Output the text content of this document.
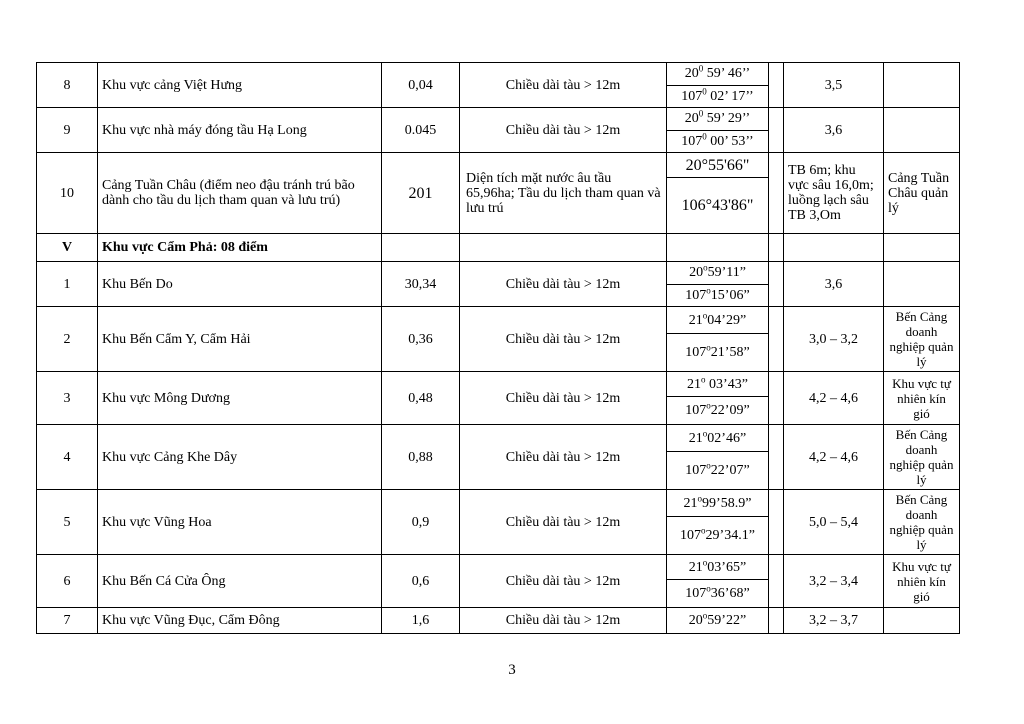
8	Khu vực cảng Việt Hưng	0,04	Chiều dài tàu > 12m	$20^0$ 59’ 46’’		3,5	
				$107^0$ 02’ 17’’			
9	Khu vực nhà máy đóng tầu Hạ Long	0.045	Chiều dài tàu > 12m	$20^0$ 59’ 29’’		3,6	
				$107^0$ 00’ 53’’			
10	Cảng Tuần Châu (điểm neo đậu tránh trú bão dành cho tầu du lịch tham quan và lưu trú)	201	Diện tích mặt nước âu tầu 65,96ha; Tầu du lịch tham quan và lưu trú	20°55'66"		TB 6m; khu vực sâu 16,0m; luồng lạch sâu TB 3,Om	Cảng Tuần Châu quản lý
				106°43'86"			
V	Khu vực Cẩm Phả: 08 điểm						
1	Khu Bến Do	30,34	Chiều dài tàu > 12m	20$^o$59’11”		3,6	
				107$^o$15’06”			
2	Khu Bến Cẩm Y, Cẩm Hải	0,36	Chiều dài tàu > 12m	21$^o$04’29”		3,0 – 3,2	Bến Cảng doanh nghiệp quản lý
				107$^o$21’58”			
3	Khu vực Mông Dương	0,48	Chiều dài tàu > 12m	21$^o$ 03’43”		4,2 – 4,6	Khu vực tự nhiên kín gió
				107$^o$22’09”			
4	Khu vực Cảng Khe Dây	0,88	Chiều dài tàu > 12m	21$^o$02’46”		4,2 – 4,6	Bến Cảng doanh nghiệp quản lý
				107$^o$22’07”			
5	Khu vực Vũng Hoa	0,9	Chiều dài tàu > 12m	21$^o$99’58.9”		5,0 – 5,4	Bến Cảng doanh nghiệp quản lý
				107$^o$29’34.1”			
6	Khu Bến Cá Cửa Ông	0,6	Chiều dài tàu > 12m	21$^o$03’65”		3,2 – 3,4	Khu vực tự nhiên kín gió
				107$^o$36’68”			
7	Khu vực Vũng Đục, Cẩm Đông	1,6	Chiều dài tàu > 12m	20$^o$59’22”		3,2 – 3,7	
3
